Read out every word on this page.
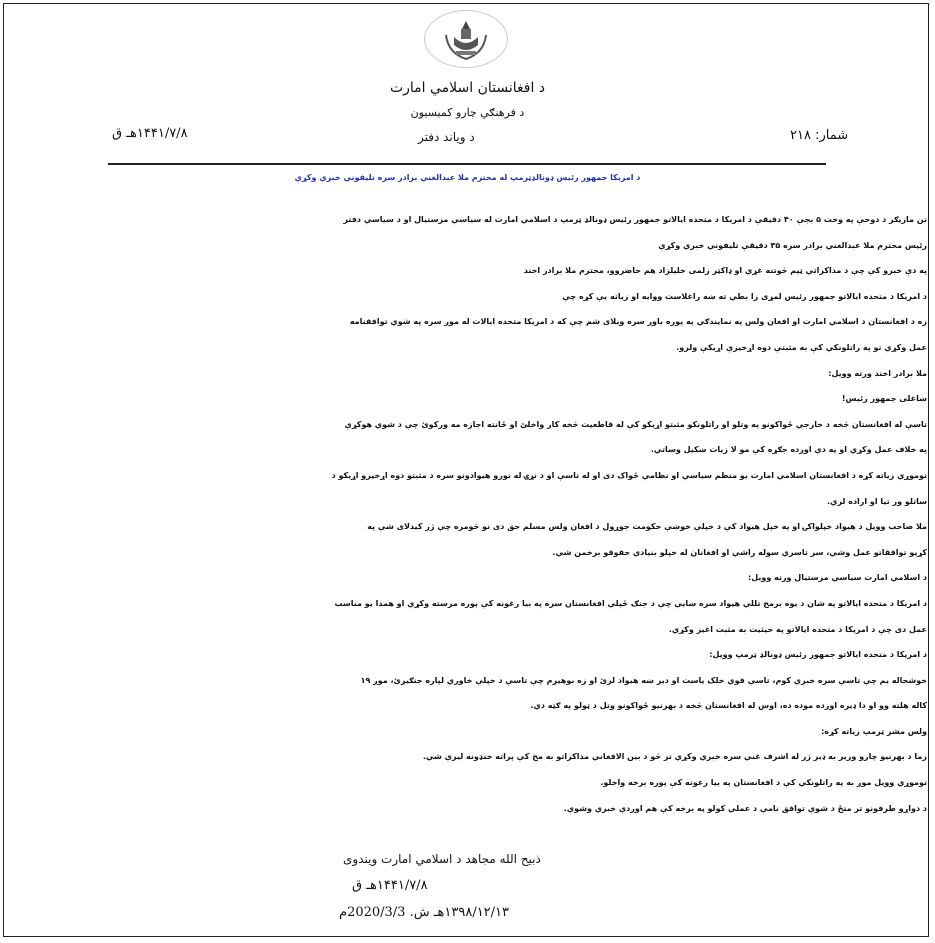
د افغانستان اسلامي امارت
د فرهنګي چارو کمیسیون
شمار: ۲۱۸
د ویاند دفتر
۱۴۴۱/۷/۸هـ ق
د امریکا جمهور رئیس ډونالډټرمپ له محترم ملا عبدالغني برادر سره تلیفوني خبري وکړې

نن مازیګر د دوحې په وخت ۵ بجې ۴۰ دقیقې د امریکا د متحده ایالاتو جمهور رئیس ډونالډ ټرمپ د اسلامي امارت له سیاسي مرستیال او د سیاسي دفتر

رئیس محترم ملا عبدالغني برادر سره ۳۵ دقیقې تلیفوني خبري وکړې

په دې خبرو کې چې د مذاکراتي ټیم څوتنه غړي او ډاکټر زلمی خلیلزاد هم حاضروو، محترم ملا برادر اخند

د امریکا د متحده ایالاتو جمهور رئیس لمړی را بطي ته ښه راغلاست ووایه او زیاته یې کړه چې

زه د افغانستان د اسلامي امارت او افغان ولس په نمایندګي په پوره باور سره ویلای شم چې که د امریکا متحده ایالات له موږ سره په شوي توافقنامه

عمل وکړي نو په راتلونکي کې به مثبتې دوه اړخیزې اړیکې ولرو.

ملا برادر اخند ورته وویل:

ښاغلی جمهور رئیس!

تاسې له افغانستان څخه د خارجي ځواکونو په وتلو او راتلونکو مثبتو اړیکو کې له قاطعیت څخه کار واخلئ او ځانته اجازه مه ورکوئ چې د شوي هوکړې

په خلاف عمل وکړي او په دې اوږده جګړه کې مو لا زیات ښکیل وساتي.

نوموړي زیاته کړه د افغانستان اسلامي امارت یو منظم سیاسي او نظامي ځواک دی او له تاسې او د نړۍ له نورو هیوادونو سره د مثبتو دوه اړخیزو اړیکو د

ساتلو ور تیا او اراده لري.

ملا صاحب وویل د هیواد خپلواکۍ او په خپل هیواد کې د خپلې خوښې حکومت جوړول د افغان ولس مسلم حق دی نو څومره چې ژر کیدلای شي په

کړیو توافقاتو عمل وشي، سر تاسري سوله راشي او افغانان له خپلو بنیادي حقوقو برخمن شي.

د اسلامي امارت سیاسي مرستیال ورته وویل:

د امریکا د متحده ایالاتو په شان د یوه برمخ تللي هیواد سره ښایي چې د جنګ ځپلي افغانستان سره په بیا رغونه کې پوره مرسته وکړي او همدا یو مناسب

عمل دی چې د امریکا د متحده ایالاتو په حیثیت به مثبت اغیز وکړي.

د امریکا د متحده ایالاتو جمهور رئیس ډونالډ ټرمپ وویل:

خوشحاله یم چې تاسې سره خبري کوم، تاسې قوي خلک یاست او دیر ښه هیواد لرئ او زه بوهیږم چې تاسې د خپلې خاوري لپاره جنګیږئ، موږ ۱۹

کاله هلته وو او دا ډیره اوږده موده ده، اوس له افغانستان څخه د بهرنیو ځواکونو وتل د ټولو په ګټه دي.

ولس مشر ټرمپ زیاته کړه:

زما د بهرنیو چارو وزیر به ډیر ژر له اشرف غني سره خبري وکړي تر څو د بین الافغاني مذاکراتو به مخ کې پراته خنډونه لیرې شي.

نوموړي وویل موږ به په راتلونکي کې د افغانستان په بیا رغونه کې پوره برخه واخلو.

د دواړو طرفونو تر منځ د شوې توافق نامې د عملي کولو په برخه کې هم اوږدې خبري وشوې.

ذبیح الله مجاهد د اسلامي امارت ویندوی
۱۴۴۱/۷/۸هـ ق
۱۳۹۸/۱۲/۱۳هـ ش. 2020/3/3م
